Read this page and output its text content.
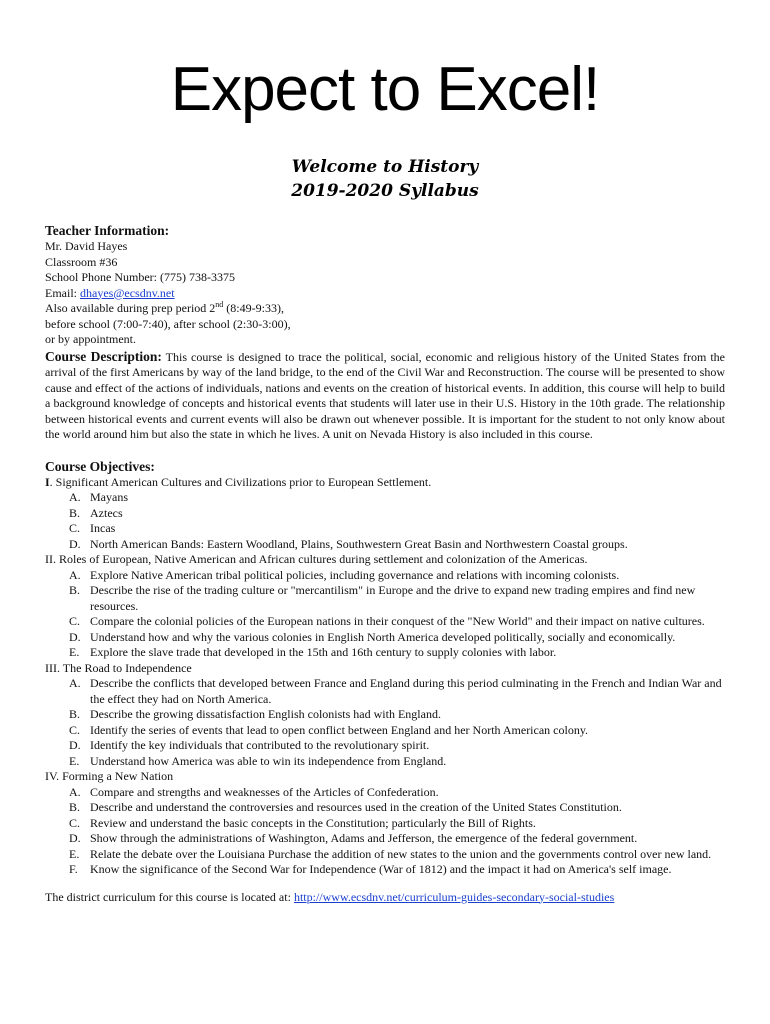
Expect to Excel!
Welcome to History
2019-2020 Syllabus
Teacher Information:
Mr. David Hayes
Classroom #36
School Phone Number: (775) 738-3375
Email: dhayes@ecsdnv.net
Also available during prep period 2nd (8:49-9:33),
before school (7:00-7:40), after school (2:30-3:00),
or by appointment.
Course Description: This course is designed to trace the political, social, economic and religious history of the United States from the arrival of the first Americans by way of the land bridge, to the end of the Civil War and Reconstruction. The course will be presented to show cause and effect of the actions of individuals, nations and events on the creation of historical events. In addition, this course will help to build a background knowledge of concepts and historical events that students will later use in their U.S. History in the 10th grade. The relationship between historical events and current events will also be drawn out whenever possible. It is important for the student to not only know about the world around him but also the state in which he lives. A unit on Nevada History is also included in this course.
Course Objectives:
I. Significant American Cultures and Civilizations prior to European Settlement.
A. Mayans
B. Aztecs
C. Incas
D. North American Bands: Eastern Woodland, Plains, Southwestern Great Basin and Northwestern Coastal groups.
II. Roles of European, Native American and African cultures during settlement and colonization of the Americas.
A. Explore Native American tribal political policies, including governance and relations with incoming colonists.
B. Describe the rise of the trading culture or "mercantilism" in Europe and the drive to expand new trading empires and find new resources.
C. Compare the colonial policies of the European nations in their conquest of the "New World" and their impact on native cultures.
D. Understand how and why the various colonies in English North America developed politically, socially and economically.
E. Explore the slave trade that developed in the 15th and 16th century to supply colonies with labor.
III. The Road to Independence
A. Describe the conflicts that developed between France and England during this period culminating in the French and Indian War and the effect they had on North America.
B. Describe the growing dissatisfaction English colonists had with England.
C. Identify the series of events that lead to open conflict between England and her North American colony.
D. Identify the key individuals that contributed to the revolutionary spirit.
E. Understand how America was able to win its independence from England.
IV. Forming a New Nation
A. Compare and strengths and weaknesses of the Articles of Confederation.
B. Describe and understand the controversies and resources used in the creation of the United States Constitution.
C. Review and understand the basic concepts in the Constitution; particularly the Bill of Rights.
D. Show through the administrations of Washington, Adams and Jefferson, the emergence of the federal government.
E. Relate the debate over the Louisiana Purchase the addition of new states to the union and the governments control over new land.
F. Know the significance of the Second War for Independence (War of 1812) and the impact it had on America's self image.
The district curriculum for this course is located at: http://www.ecsdnv.net/curriculum-guides-secondary-social-studies
